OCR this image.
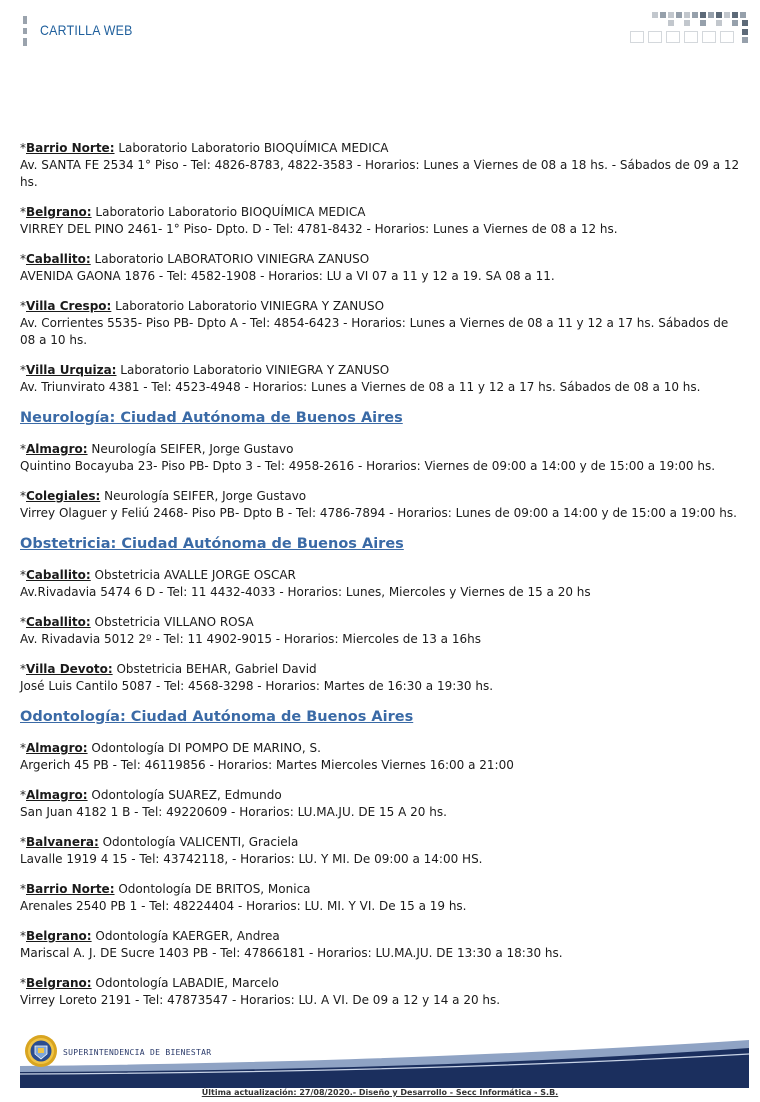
CARTILLA WEB
*Barrio Norte: Laboratorio Laboratorio BIOQUÍMICA MEDICA
Av. SANTA FE 2534 1° Piso - Tel: 4826-8783, 4822-3583 - Horarios: Lunes a Viernes de 08 a 18 hs. - Sábados de 09 a 12 hs.
*Belgrano: Laboratorio Laboratorio BIOQUÍMICA MEDICA
VIRREY DEL PINO 2461- 1° Piso- Dpto. D - Tel: 4781-8432 - Horarios: Lunes a Viernes de 08 a 12 hs.
*Caballito: Laboratorio LABORATORIO VINIEGRA ZANUSO
AVENIDA GAONA 1876 - Tel: 4582-1908 - Horarios: LU a VI 07 a 11 y 12 a 19. SA 08 a 11.
*Villa Crespo: Laboratorio Laboratorio VINIEGRA Y ZANUSO
Av. Corrientes 5535- Piso PB- Dpto A - Tel: 4854-6423 - Horarios: Lunes a Viernes de 08 a 11 y 12 a 17 hs. Sábados de 08 a 10 hs.
*Villa Urquiza: Laboratorio Laboratorio VINIEGRA Y ZANUSO
Av. Triunvirato 4381 - Tel: 4523-4948 - Horarios: Lunes a Viernes de 08 a 11 y 12 a 17 hs. Sábados de 08 a 10 hs.
Neurología: Ciudad Autónoma de Buenos Aires
*Almagro: Neurología SEIFER, Jorge Gustavo
Quintino Bocayuba 23- Piso PB- Dpto 3 - Tel: 4958-2616 - Horarios: Viernes de 09:00 a 14:00 y de 15:00 a 19:00 hs.
*Colegiales: Neurología SEIFER, Jorge Gustavo
Virrey Olaguer y Feliú 2468- Piso PB- Dpto B - Tel: 4786-7894 - Horarios: Lunes de 09:00 a 14:00 y de 15:00 a 19:00 hs.
Obstetricia: Ciudad Autónoma de Buenos Aires
*Caballito: Obstetricia AVALLE JORGE OSCAR
Av.Rivadavia 5474 6 D - Tel: 11 4432-4033 - Horarios: Lunes, Miercoles y Viernes de 15 a 20 hs
*Caballito: Obstetricia VILLANO ROSA
Av. Rivadavia 5012 2º - Tel: 11 4902-9015 - Horarios: Miercoles de 13 a 16hs
*Villa Devoto: Obstetricia BEHAR, Gabriel David
José Luis Cantilo 5087 - Tel: 4568-3298 - Horarios: Martes de 16:30 a 19:30 hs.
Odontología: Ciudad Autónoma de Buenos Aires
*Almagro: Odontología DI POMPO DE MARINO, S.
Argerich 45 PB - Tel: 46119856 - Horarios: Martes Miercoles Viernes 16:00 a 21:00
*Almagro: Odontología SUAREZ, Edmundo
San Juan 4182 1 B - Tel: 49220609 - Horarios: LU.MA.JU. DE 15 A 20 hs.
*Balvanera: Odontología VALICENTI, Graciela
Lavalle 1919 4 15 - Tel: 43742118, - Horarios: LU. Y MI. De 09:00 a 14:00 HS.
*Barrio Norte: Odontología DE BRITOS, Monica
Arenales 2540 PB 1 - Tel: 48224404 - Horarios: LU. MI. Y VI. De 15 a 19 hs.
*Belgrano: Odontología KAERGER, Andrea
Mariscal A. J. DE Sucre 1403 PB - Tel: 47866181 - Horarios: LU.MA.JU. DE 13:30 a 18:30 hs.
*Belgrano: Odontología LABADIE, Marcelo
Virrey Loreto 2191 - Tel: 47873547 - Horarios: LU. A VI. De 09 a 12 y 14 a 20 hs.
SUPERINTENDENCIA DE BIENESTAR
Última actualización: 27/08/2020.- Diseño y Desarrollo - Secc Informática - S.B.
